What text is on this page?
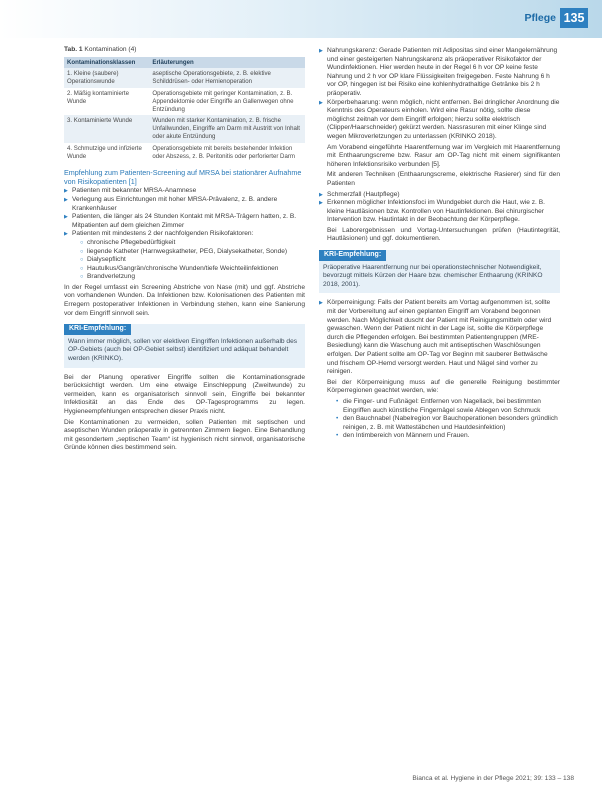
Pflege 135
Tab. 1 Kontamination (4)
Kontaminationsklassen	Erläuterungen
1. Kleine (saubere) Operationswunde	aseptische Operationsgebiete, z. B. elektive Schilddrüsen- oder Hernienoperation
2. Mäßig kontaminierte Wunde	Operationsgebiete mit geringer Kontamination, z. B. Appendektomie oder Eingriffe an Gallenwegen ohne Entzündung
3. Kontaminierte Wunde	Wunden mit starker Kontamination, z. B. frische Unfallwunden, Eingriffe am Darm mit Austritt von Inhalt oder akute Entzündung
4. Schmutzige und infizierte Wunde	Operationsgebiete mit bereits bestehender Infektion oder Abszess, z. B. Peritonitis oder perforierter Darm
Empfehlung zum Patienten-Screening auf MRSA bei stationärer Aufnahme von Risikopatienten [1]
▶ Patienten mit bekannter MRSA-Anamnese
▶ Verlegung aus Einrichtungen mit hoher MRSA-Prävalenz, z. B. andere Krankenhäuser
▶ Patienten, die länger als 24 Stunden Kontakt mit MRSA-Trägern hatten, z. B. Mitpatienten auf dem gleichen Zimmer
▶ Patienten mit mindestens 2 der nachfolgenden Risikofaktoren:
○ chronische Pflegebedürftigkeit
○ liegende Katheter (Harnwegskatheter, PEG, Dialysekatheter, Sonde)
○ Dialysepflicht
○ Hautulkus/Gangrän/chronische Wunden/tiefe Weichteilinfektionen
○ Brandverletzung

In der Regel umfasst ein Screening Abstriche von Nase (mit) und ggf. Abstriche von vorhandenen Wunden. Da Infektionen bzw. Kolonisationen des Patienten mit Erregern postoperativer Infektionen in Verbindung stehen, kann eine Sanierung vor dem Eingriff sinnvoll sein.

KRI-Empfehlung:
Wann immer möglich, sollen vor elektiven Eingriffen Infektionen außerhalb des OP-Gebiets (auch bei OP-Gebiet selbst) identifiziert und adäquat behandelt werden (KRINKO).

Bei der Planung operativer Eingriffe sollten die Kontaminationsgrade berücksichtigt werden. Um eine etwaige Einschleppung (Zweitwunde) zu vermeiden, kann es organisatorisch sinnvoll sein, Eingriffe bei bekannter Infektiosität an das Ende des OP-Tagesprogramms zu legen. Hygieneempfehlungen entsprechen dieser Praxis nicht.

Die Kontaminationen zu vermeiden, sollen Patienten mit septischen und aseptischen Wunden präoperativ in getrennten Zimmern liegen. Eine Behandlung mit gesondertem „septischen Team“ ist hygienisch nicht sinnvoll, organisatorische Gründe können dies bestimmend sein.

▶ Nahrungskarenz: Gerade Patienten mit Adipositas sind einer Mangelernährung und einer gesteigerten Nahrungskarenz als präoperativer Risikofaktor der Wundinfektionen. Hier werden heute in der Regel 6 h vor OP keine feste Nahrung und 2 h vor OP klare Flüssigkeiten freigegeben. Feste Nahrung 6 h vor OP, hingegen ist bei Risiko eine kohlenhydrathaltige Getränke bis 2 h präoperativ.
▶ Körperbehaarung: wenn möglich, nicht entfernen. Bei dringlicher Anordnung die Kenntnis des Operateurs einholen. Wird eine Rasur nötig, sollte diese möglichst zeitnah vor dem Eingriff erfolgen; hierzu sollte elektrisch (Clipper/Haarschneider) gekürzt werden. Nassrasuren mit einer Klinge sind wegen Mikroverletzungen zu unterlassen (KRINKO 2018).

Am Vorabend eingeführte Haarentfernung war im Vergleich mit Haarentfernung mit Enthaarungscreme bzw. Rasur am OP-Tag nicht mit einem signifikanten höheren Infektionsrisiko verbunden [5].

Mit anderen Techniken (Enthaarungscreme, elektrische Rasierer) sind für den Patienten

▶ Schmerzfall (Hautpflege)
▶ Erkennen möglicher Infektionsfoci im Wundgebiet durch die Haut, wie z. B. kleine Hautläsionen bzw. Kontrollen von Hautinfektionen. Bei chirurgischer Intervention bzw. Hautintakt in der Beobachtung der Körperpflege.

Bei Laborergebnissen und Vortag-Untersuchungen prüfen (Hautintegrität, Hautläsionen) und ggf. dokumentieren.

KRI-Empfehlung:
Präoperative Haarentfernung nur bei operationstechnischer Notwendigkeit, bevorzugt mittels Kürzen der Haare bzw. chemischer Enthaarung (KRINKO 2018, 2001).
▶ Körperreinigung: Falls der Patient bereits am Vortag aufgenommen ist, sollte mit der Vorbereitung auf einen geplanten Eingriff am Vorabend begonnen werden. Nach Möglichkeit duscht der Patient mit Reinigungsmitteln oder wird gewaschen. Wenn der Patient nicht in der Lage ist, sollte die Körperpflege durch die Pflegenden erfolgen. Bei bestimmten Patientengruppen (MRE-Besiedlung) kann die Waschung auch mit antiseptischen Waschlösungen erfolgen. Der Patient sollte am OP-Tag vor Beginn mit sauberer Bettwäsche und frischem OP-Hemd versorgt werden. Haut und Nägel sind vorher zu reinigen.

Bei der Körperreinigung muss auf die generelle Reinigung bestimmter Körperregionen geachtet werden, wie:

• die Finger- und Fußnägel: Entfernen von Nagellack, bei bestimmten Eingriffen auch künstliche Fingernägel sowie Ablegen von Schmuck
• den Bauchnabel (Nabelregion vor Bauchoperationen besonders gründlich reinigen, z. B. mit Wattestäbchen und Hautdesinfektion)
• den Intimbereich von Männern und Frauen.
Bianca et al. Hygiene in der Pflege 2021; 39: 133 – 138
